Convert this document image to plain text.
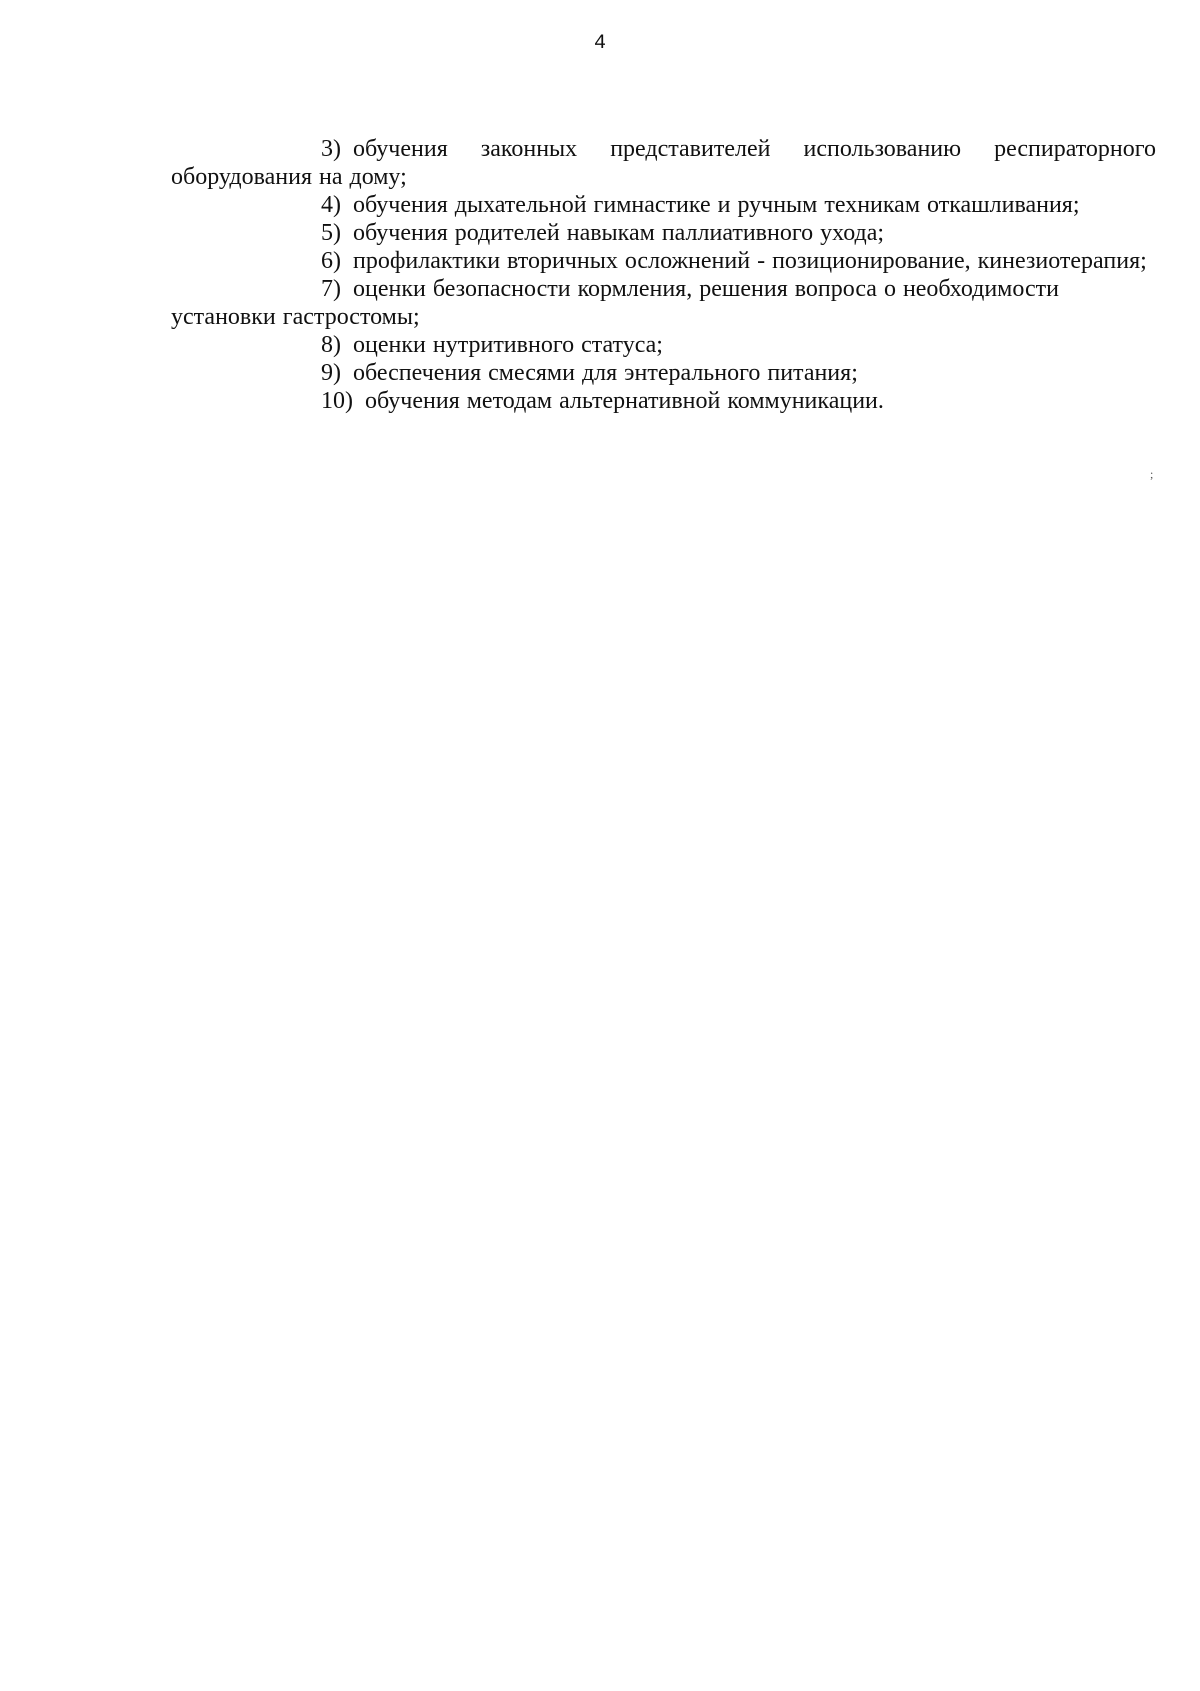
4

3) обучения законных представителей использованию респираторного оборудования на дому;

4) обучения дыхательной гимнастике и ручным техникам откашливания;

5) обучения родителей навыкам паллиативного ухода;

6) профилактики вторичных осложнений - позиционирование, кинезиотерапия;

7) оценки безопасности кормления, решения вопроса о необходимости установки гастростомы;

8) оценки нутритивного статуса;

9) обеспечения смесями для энтерального питания;

10) обучения методам альтернативной коммуникации.

;
